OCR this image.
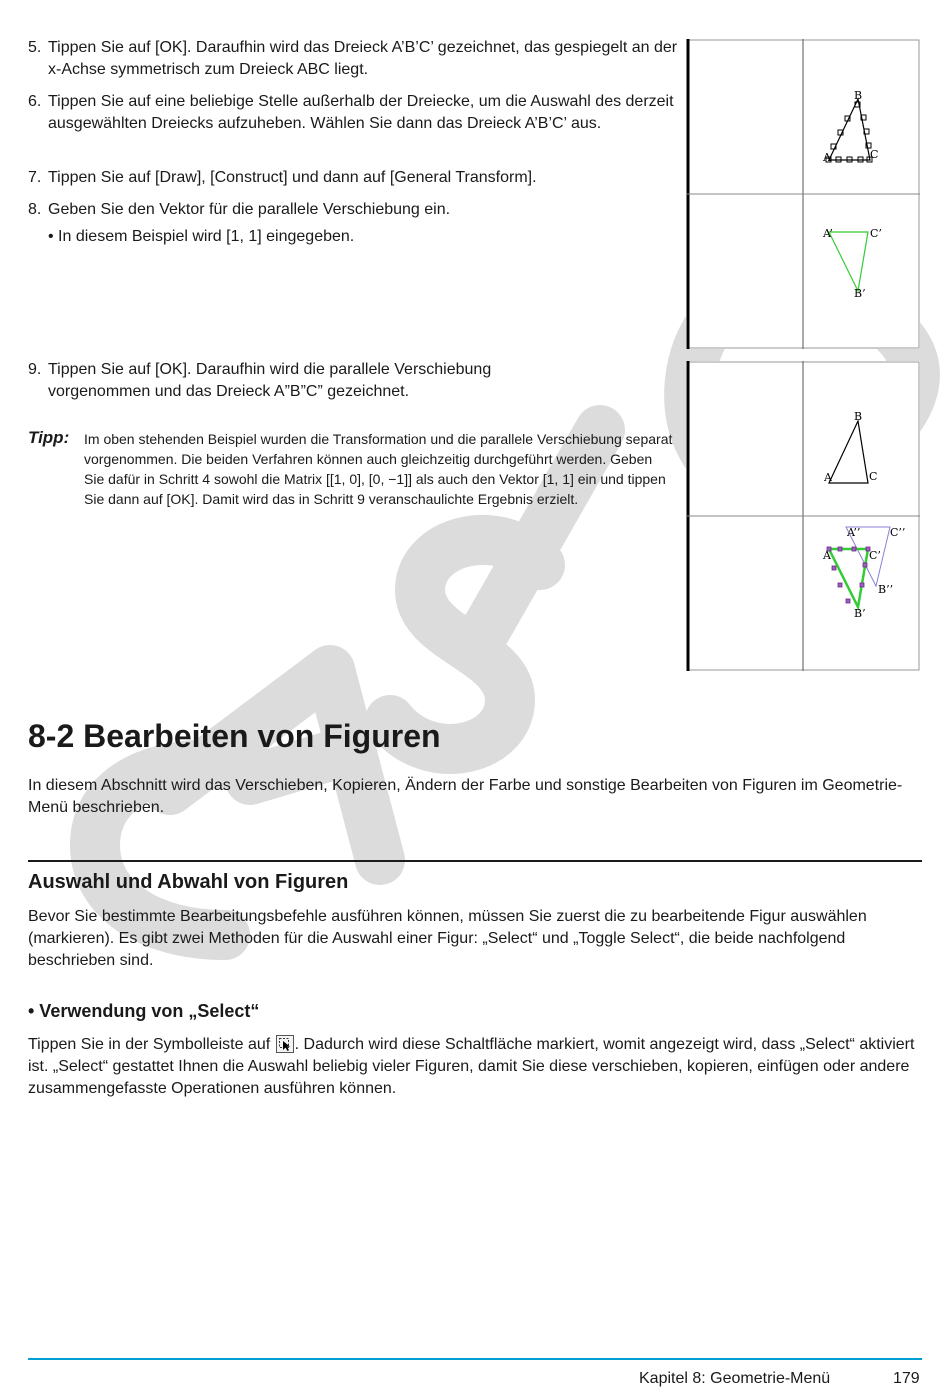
5. Tippen Sie auf [OK]. Daraufhin wird das Dreieck A’B’C’ gezeichnet, das gespiegelt an der x-Achse symmetrisch zum Dreieck ABC liegt.
6. Tippen Sie auf eine beliebige Stelle außerhalb der Dreiecke, um die Auswahl des derzeit ausgewählten Dreiecks aufzuheben. Wählen Sie dann das Dreieck A’B’C’ aus.
7. Tippen Sie auf [Draw], [Construct] und dann auf [General Transform].
8. Geben Sie den Vektor für die parallele Verschiebung ein.
• In diesem Beispiel wird [1, 1] eingegeben.
9. Tippen Sie auf [OK]. Daraufhin wird die parallele Verschiebung vorgenommen und das Dreieck A”B”C” gezeichnet.
Tipp: Im oben stehenden Beispiel wurden die Transformation und die parallele Verschiebung separat vorgenommen. Die beiden Verfahren können auch gleichzeitig durchgeführt werden. Geben Sie dafür in Schritt 4 sowohl die Matrix [[1, 0], [0, −1]] als auch den Vektor [1, 1] ein und tippen Sie dann auf [OK]. Damit wird das in Schritt 9 veranschaulichte Ergebnis erzielt.
A
B
C
A’	C’
B’
A
B
C
A’’	C’’
B’’
A	C’
B’
8-2 Bearbeiten von Figuren

In diesem Abschnitt wird das Verschieben, Kopieren, Ändern der Farbe und sonstige Bearbeiten von Figuren im Geometrie-Menü beschrieben.

Auswahl und Abwahl von Figuren

Bevor Sie bestimmte Bearbeitungsbefehle ausführen können, müssen Sie zuerst die zu bearbeitende Figur auswählen (markieren). Es gibt zwei Methoden für die Auswahl einer Figur: „Select“ und „Toggle Select“, die beide nachfolgend beschrieben sind.

• Verwendung von „Select“

Tippen Sie in der Symbolleiste auf . Dadurch wird diese Schaltfläche markiert, womit angezeigt wird, dass „Select“ aktiviert ist. „Select“ gestattet Ihnen die Auswahl beliebig vieler Figuren, damit Sie diese verschieben, kopieren, einfügen oder andere zusammengefasste Operationen ausführen können.

Kapitel 8: Geometrie-Menü	179
